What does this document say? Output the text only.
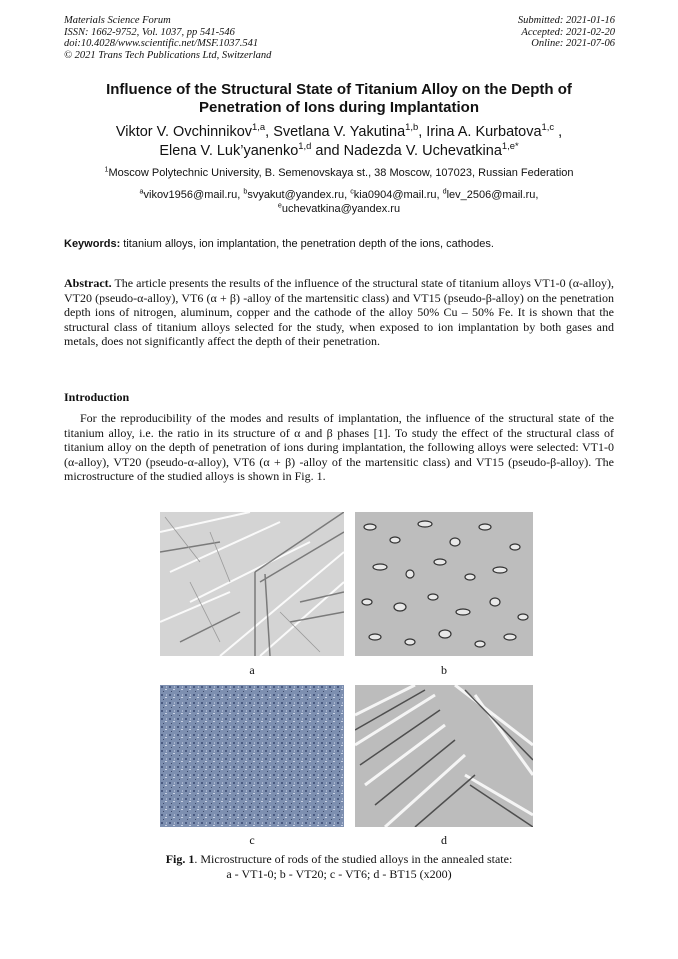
Materials Science Forum
ISSN: 1662-9752, Vol. 1037, pp 541-546
doi:10.4028/www.scientific.net/MSF.1037.541
© 2021 Trans Tech Publications Ltd, Switzerland
Submitted: 2021-01-16
Accepted: 2021-02-20
Online: 2021-07-06
Influence of the Structural State of Titanium Alloy on the Depth of Penetration of Ions during Implantation
Viktor V. Ovchinnikov$^{1,a}$, Svetlana V. Yakutina$^{1,b}$, Irina A. Kurbatova$^{1,c}$ ,
Elena V. Luk’yanenko$^{1,d}$ and Nadezda V. Uchevatkina$^{1,e*}$
$^1$Moscow Polytechnic University, B. Semenovskaya st., 38 Moscow, 107023, Russian Federation
$^a$vikov1956@mail.ru, $^b$svyakut@yandex.ru, $^c$kia0904@mail.ru, $^d$lev_2506@mail.ru,
$^e$uchevatkina@yandex.ru
Keywords: titanium alloys, ion implantation, the penetration depth of the ions, cathodes.
Abstract. The article presents the results of the influence of the structural state of titanium alloys VT1-0 (α-alloy), VT20 (pseudo-α-alloy), VT6 (α + β) -alloy of the martensitic class) and VT15 (pseudo-β-alloy) on the penetration depth ions of nitrogen, aluminum, copper and the cathode of the alloy 50% Cu – 50% Fe. It is shown that the structural class of titanium alloys selected for the study, when exposed to ion implantation by both gases and metals, does not significantly affect the depth of their penetration.
Introduction
For the reproducibility of the modes and results of implantation, the influence of the structural state of the titanium alloy, i.e. the ratio in its structure of α and β phases [1]. To study the effect of the structural class of titanium alloy on the depth of penetration of ions during implantation, the following alloys were selected: VT1-0 (α-alloy), VT20 (pseudo-α-alloy), VT6 (α + β) -alloy of the martensitic class) and VT15 (pseudo-β-alloy). The microstructure of the studied alloys is shown in Fig. 1.
a	b
c	d
Fig. 1. Microstructure of rods of the studied alloys in the annealed state:
a - VT1-0; b - VT20; c - VT6; d - BT15 (x200)
